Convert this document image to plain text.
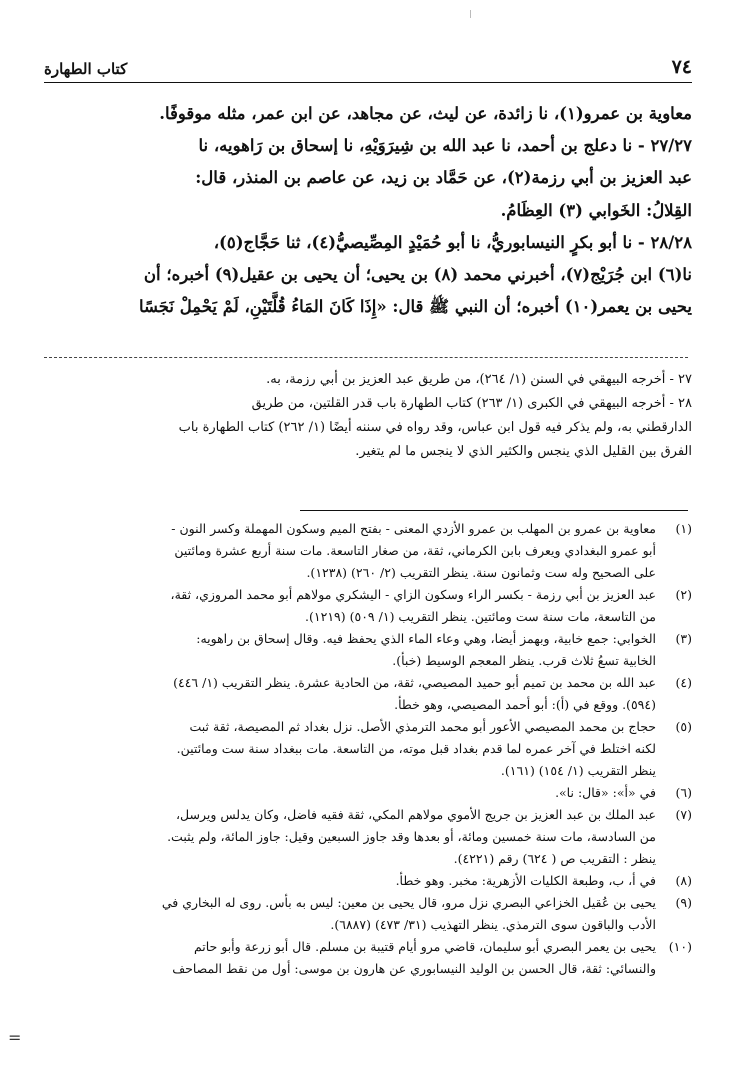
٧٤
كتاب الطهارة
معاوية بن عمرو(١)، نا زائدة، عن ليث، عن مجاهد، عن ابن عمر، مثله موقوفًا.
٢٧/٢٧ - نا دعلج بن أحمد، نا عبد الله بن شِيرَوَيْهِ، نا إسحاق بن رَاهويه، نا
عبد العزيز بن أبي رزمة(٢)، عن حَمَّاد بن زيد، عن عاصم بن المنذر، قال:
القِلالُ: الخَوابي (٣) العِظَامُ.
٢٨/٢٨ - نا أبو بكرٍ النيسابوريُّ، نا أبو حُمَيْدٍ المِصِّيصيُّ(٤)، ثنا حَجَّاج(٥)،
نا(٦) ابن جُرَيْج(٧)، أخبرني محمد (٨) بن يحيى؛ أن يحيى بن عقيل(٩) أخبره؛ أن
يحيى بن يعمر(١٠) أخبره؛ أن النبي ﷺ قال: «إِذَا كَانَ المَاءُ قُلَّتَيْنِ، لَمْ يَحْمِلْ نَجَسًا
٢٧ - أخرجه البيهقي في السنن (١/ ٢٦٤)، من طريق عبد العزيز بن أبي رزمة، به.
٢٨ - أخرجه البيهقي في الكبرى (١/ ٢٦٣) كتاب الطهارة باب قدر القلتين، من طريق
الدارقطني به، ولم يذكر فيه قول ابن عباس، وقد رواه في سننه أيضًا (١/ ٢٦٢) كتاب الطهارة باب
الفرق بين القليل الذي ينجس والكثير الذي لا ينجس ما لم يتغير.
(١)
معاوية بن عمرو بن المهلب بن عمرو الأزدي المعنى - بفتح الميم وسكون المهملة وكسر النون -
أبو عمرو البغدادي ويعرف بابن الكرماني، ثقة، من صغار التاسعة. مات سنة أربع عشرة ومائتين
على الصحيح وله ست وثمانون سنة. ينظر التقريب (٢/ ٢٦٠) (١٢٣٨).
(٢)
عبد العزيز بن أبي رزمة - بكسر الراء وسكون الزاي - اليشكري مولاهم أبو محمد المروزي، ثقة،
من التاسعة، مات سنة ست ومائتين. ينظر التقريب (١/ ٥٠٩) (١٢١٩).
(٣)
الخوابي: جمع خابية، وبهمز أيضا، وهي وعاء الماء الذي يحفظ فيه. وقال إسحاق بن راهويه:
الخابية تسعُ ثلاث قرب. ينظر المعجم الوسيط (خبأ).
(٤)
عبد الله بن محمد بن تميم أبو حميد المصيصي، ثقة، من الحادية عشرة. ينظر التقريب (١/ ٤٤٦)
(٥٩٤). ووقع في (أ): أبو أحمد المصيصي، وهو خطأ.
(٥)
حجاج بن محمد المصيصي الأعور أبو محمد الترمذي الأصل. نزل بغداد ثم المصيصة، ثقة ثبت
لكنه اختلط في آخر عمره لما قدم بغداد قبل موته، من التاسعة. مات ببغداد سنة ست ومائتين.
ينظر التقريب (١/ ١٥٤) (١٦١).
(٦)
في «أ»: «قال: نا».
(٧)
عبد الملك بن عبد العزيز بن جريج الأموي مولاهم المكي، ثقة فقيه فاضل، وكان يدلس ويرسل،
من السادسة، مات سنة خمسين ومائة، أو بعدها وقد جاوز السبعين وقيل: جاوز المائة، ولم يثبت.
ينظر : التقريب ص ( ٦٢٤) رقم (٤٢٢١).
(٨)
في أ، ب، وطبعة الكليات الأزهرية: مخبر. وهو خطأ.
(٩)
يحيى بن عُقيل الخزاعي البصري نزل مرو، قال يحيى بن معين: ليس به بأس. روى له البخاري في
الأدب والباقون سوى الترمذي. ينظر التهذيب (٣١/ ٤٧٣) (٦٨٨٧).
(١٠)
يحيى بن يعمر البصري أبو سليمان، قاضي مرو أيام قتيبة بن مسلم. قال أبو زرعة وأبو حاتم
والنسائي: ثقة، قال الحسن بن الوليد النيسابوري عن هارون بن موسى: أول من نقط المصاحف
=
